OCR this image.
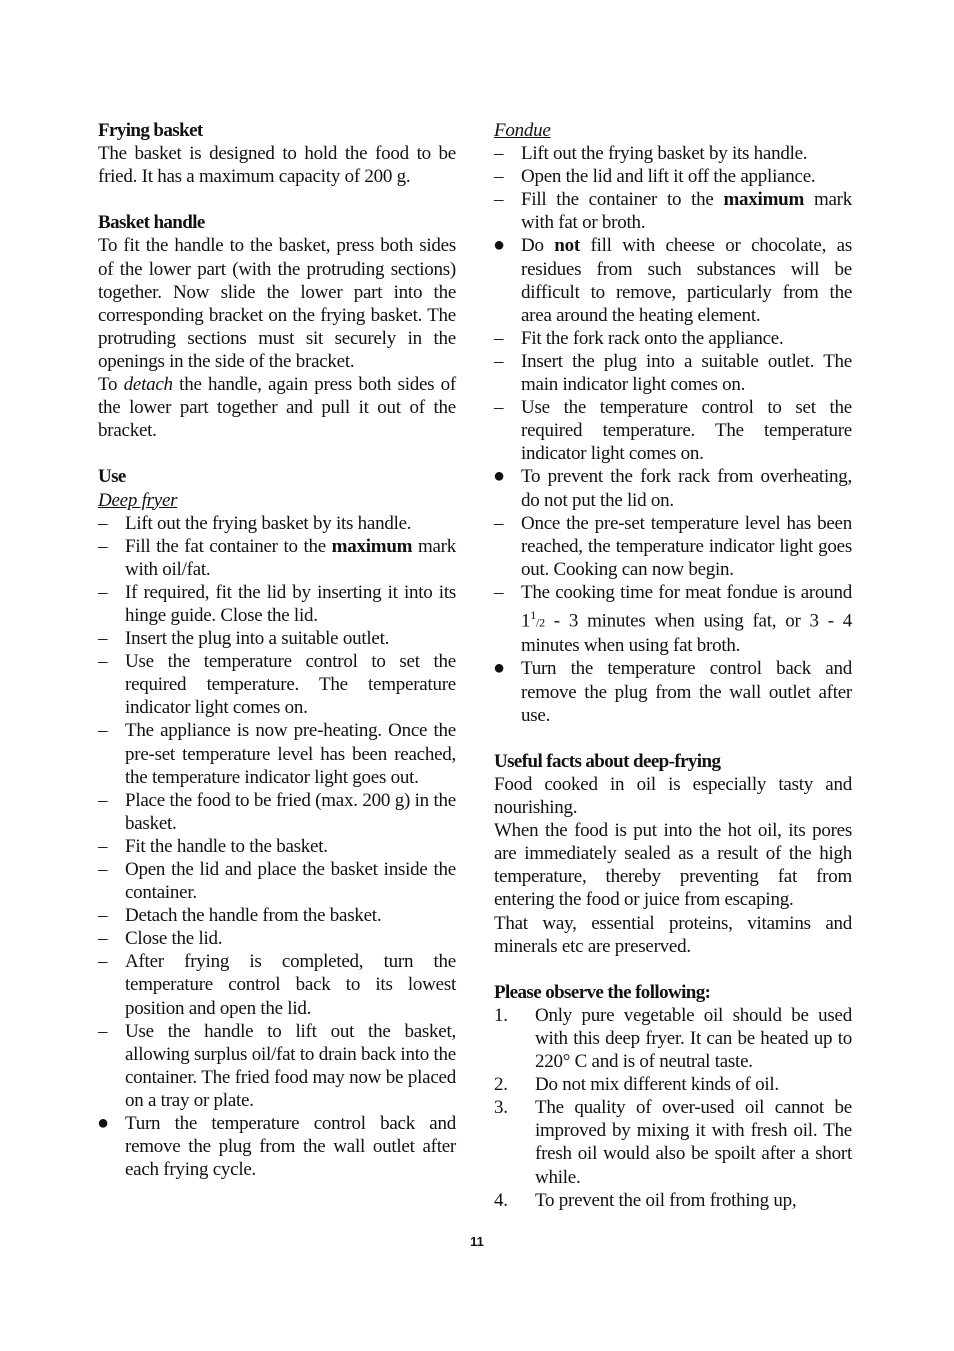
Frying basket

The basket is designed to hold the food to be fried. It has a maximum capacity of 200 g.

Basket handle

To fit the handle to the basket, press both sides of the lower part (with the protruding sections) together. Now slide the lower part into the corresponding bracket on the frying basket. The protruding sections must sit securely in the openings in the side of the bracket.

To detach the handle, again press both sides of the lower part together and pull it out of the bracket.

Use
Deep fryer
– Lift out the frying basket by its handle.
– Fill the fat container to the maximum mark with oil/fat.
– If required, fit the lid by inserting it into its hinge guide. Close the lid.
– Insert the plug into a suitable outlet.
– Use the temperature control to set the required temperature. The temperature indicator light comes on.
– The appliance is now pre-heating. Once the pre-set temperature level has been reached, the temperature indicator light goes out.
– Place the food to be fried (max. 200 g) in the basket.
– Fit the handle to the basket.
– Open the lid and place the basket inside the container.
– Detach the handle from the basket.
– Close the lid.
– After frying is completed, turn the temperature control back to its lowest position and open the lid.
– Use the handle to lift out the basket, allowing surplus oil/fat to drain back into the container. The fried food may now be placed on a tray or plate.
● Turn the temperature control back and remove the plug from the wall outlet after each frying cycle.
Fondue
– Lift out the frying basket by its handle.
– Open the lid and lift it off the appliance.
– Fill the container to the maximum mark with fat or broth.
● Do not fill with cheese or chocolate, as residues from such substances will be difficult to remove, particularly from the area around the heating element.
– Fit the fork rack onto the appliance.
– Insert the plug into a suitable outlet. The main indicator light comes on.
– Use the temperature control to set the required temperature. The temperature indicator light comes on.
● To prevent the fork rack from overheating, do not put the lid on.
– Once the pre-set temperature level has been reached, the temperature indicator light goes out. Cooking can now begin.
– The cooking time for meat fondue is around $1^1/2 - 3$ minutes when using fat, or 3 - 4 minutes when using fat broth.
● Turn the temperature control back and remove the plug from the wall outlet after use.
Useful facts about deep-frying

Food cooked in oil is especially tasty and nourishing.

When the food is put into the hot oil, its pores are immediately sealed as a result of the high temperature, thereby preventing fat from entering the food or juice from escaping.

That way, essential proteins, vitamins and minerals etc are preserved.

Please observe the following:
1. Only pure vegetable oil should be used with this deep fryer. It can be heated up to 220° C and is of neutral taste.
2. Do not mix different kinds of oil.
3. The quality of over-used oil cannot be improved by mixing it with fresh oil. The fresh oil would also be spoilt after a short while.
4. To prevent the oil from frothing up,
11
